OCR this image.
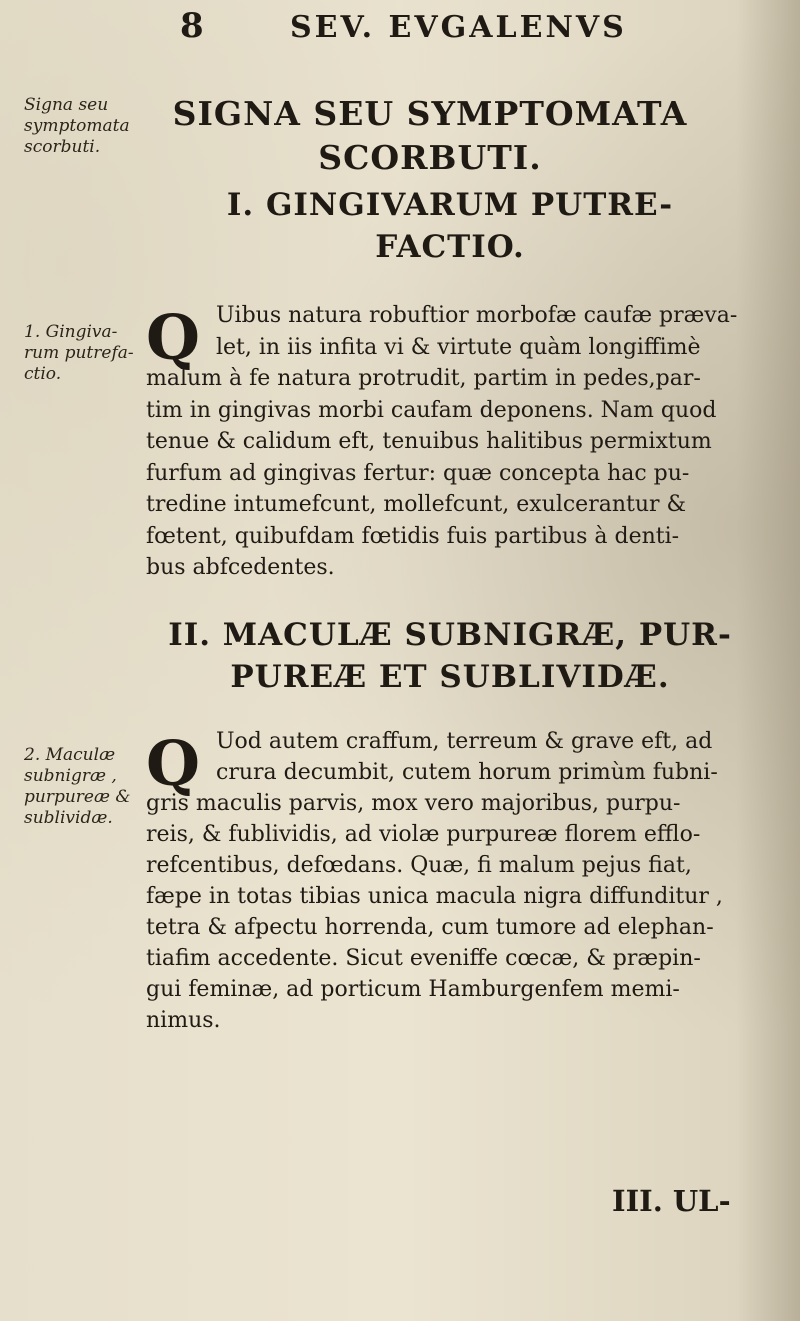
8	SEV. EVGALENVS
Signa seu
symptomata
scorbuti.
SIGNA SEU SYMPTOMATA
SCORBUTI.
I. GINGIVARUM PUTRE-
FACTIO.
1. Gingiva-
rum putrefa-
ctio.	Q Uibus natura robuftior morbofæ caufæ præva-
let, in iis infita vi & virtute quàm longiffimè
malum à fe natura protrudit, partim in pedes,par-
tim in gingivas morbi caufam deponens. Nam quod
tenue & calidum eft, tenuibus halitibus permixtum
furfum ad gingivas fertur: quæ concepta hac pu-
tredine intumefcunt, mollefcunt, exulcerantur &
fœtent, quibufdam fœtidis fuis partibus à denti-
bus abfcedentes.
II. MACULÆ SUBNIGRÆ, PUR-
PUREÆ ET SUBLIVIDÆ.
2. Maculæ
subnigræ ,
purpureæ &
sublividæ.
Q Uod autem craffum, terreum & grave eft, ad
crura decumbit, cutem horum primùm fubni-
gris maculis parvis, mox vero majoribus, purpu-
reis, & fublividis, ad violæ purpureæ florem efflo-
refcentibus, defœdans. Quæ, fi malum pejus fiat,
fæpe in totas tibias unica macula nigra diffunditur ,
tetra & afpectu horrenda, cum tumore ad elephan-
tiafim accedente. Sicut eveniffe cœcæ, & præpin-
gui feminæ, ad porticum Hamburgenfem memi-
nimus.
III. UL-
